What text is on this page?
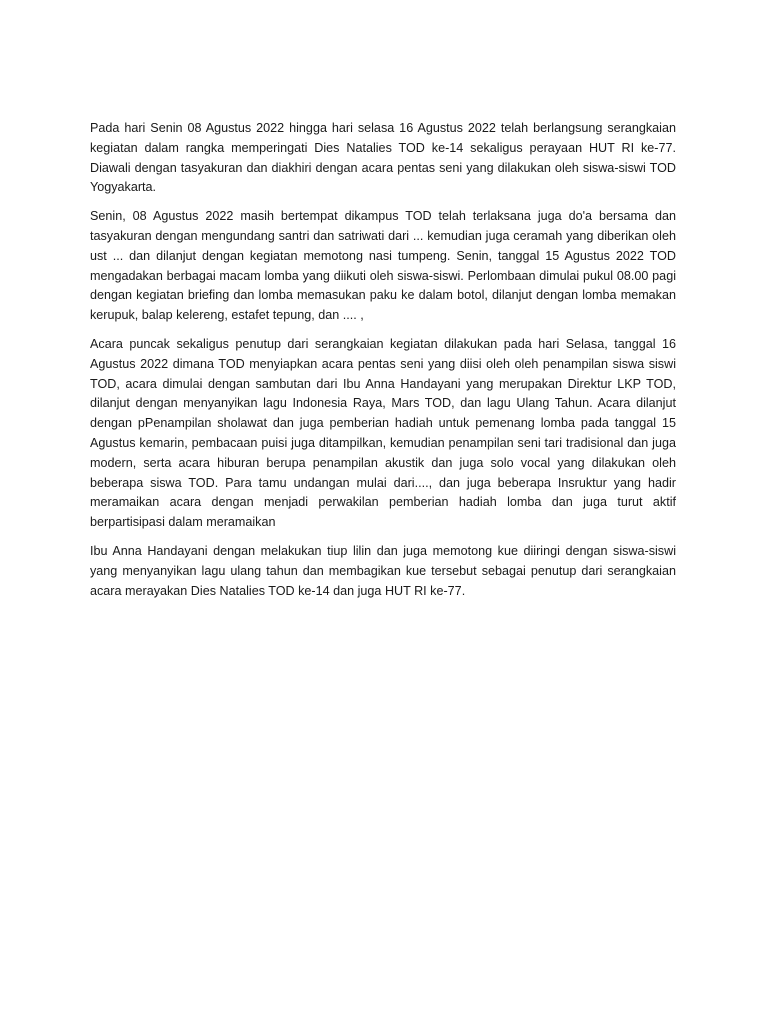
Pada hari Senin 08 Agustus 2022 hingga hari selasa 16 Agustus 2022 telah berlangsung serangkaian kegiatan dalam rangka memperingati Dies Natalies TOD ke-14 sekaligus perayaan HUT RI ke-77. Diawali dengan tasyakuran dan diakhiri dengan acara pentas seni yang dilakukan oleh siswa-siswi TOD Yogyakarta.

Senin, 08 Agustus 2022 masih bertempat dikampus TOD telah terlaksana juga do'a bersama dan tasyakuran dengan mengundang santri dan satriwati dari ... kemudian juga ceramah yang diberikan oleh ust ... dan dilanjut dengan kegiatan memotong nasi tumpeng. Senin, tanggal 15 Agustus 2022 TOD mengadakan berbagai macam lomba yang diikuti oleh siswa-siswi. Perlombaan dimulai pukul 08.00 pagi dengan kegiatan briefing dan lomba memasukan paku ke dalam botol, dilanjut dengan lomba memakan kerupuk, balap kelereng, estafet tepung, dan .... ,

Acara puncak sekaligus penutup dari serangkaian kegiatan dilakukan pada hari Selasa, tanggal 16 Agustus 2022 dimana TOD menyiapkan acara pentas seni yang diisi oleh oleh penampilan siswa siswi TOD, acara dimulai dengan sambutan dari Ibu Anna Handayani yang merupakan Direktur LKP TOD, dilanjut dengan menyanyikan lagu Indonesia Raya, Mars TOD, dan lagu Ulang Tahun. Acara dilanjut dengan pPenampilan sholawat dan juga pemberian hadiah untuk pemenang lomba pada tanggal 15 Agustus kemarin, pembacaan puisi juga ditampilkan, kemudian penampilan seni tari tradisional dan juga modern, serta acara hiburan berupa penampilan akustik dan juga solo vocal yang dilakukan oleh beberapa siswa TOD. Para tamu undangan mulai dari...., dan juga beberapa Insruktur yang hadir meramaikan acara dengan menjadi perwakilan pemberian hadiah lomba dan juga turut aktif berpartisipasi dalam meramaikan

Ibu Anna Handayani dengan melakukan tiup lilin dan juga memotong kue diiringi dengan siswa-siswi yang menyanyikan lagu ulang tahun dan membagikan kue tersebut sebagai penutup dari serangkaian acara merayakan Dies Natalies TOD ke-14 dan juga HUT RI ke-77.
